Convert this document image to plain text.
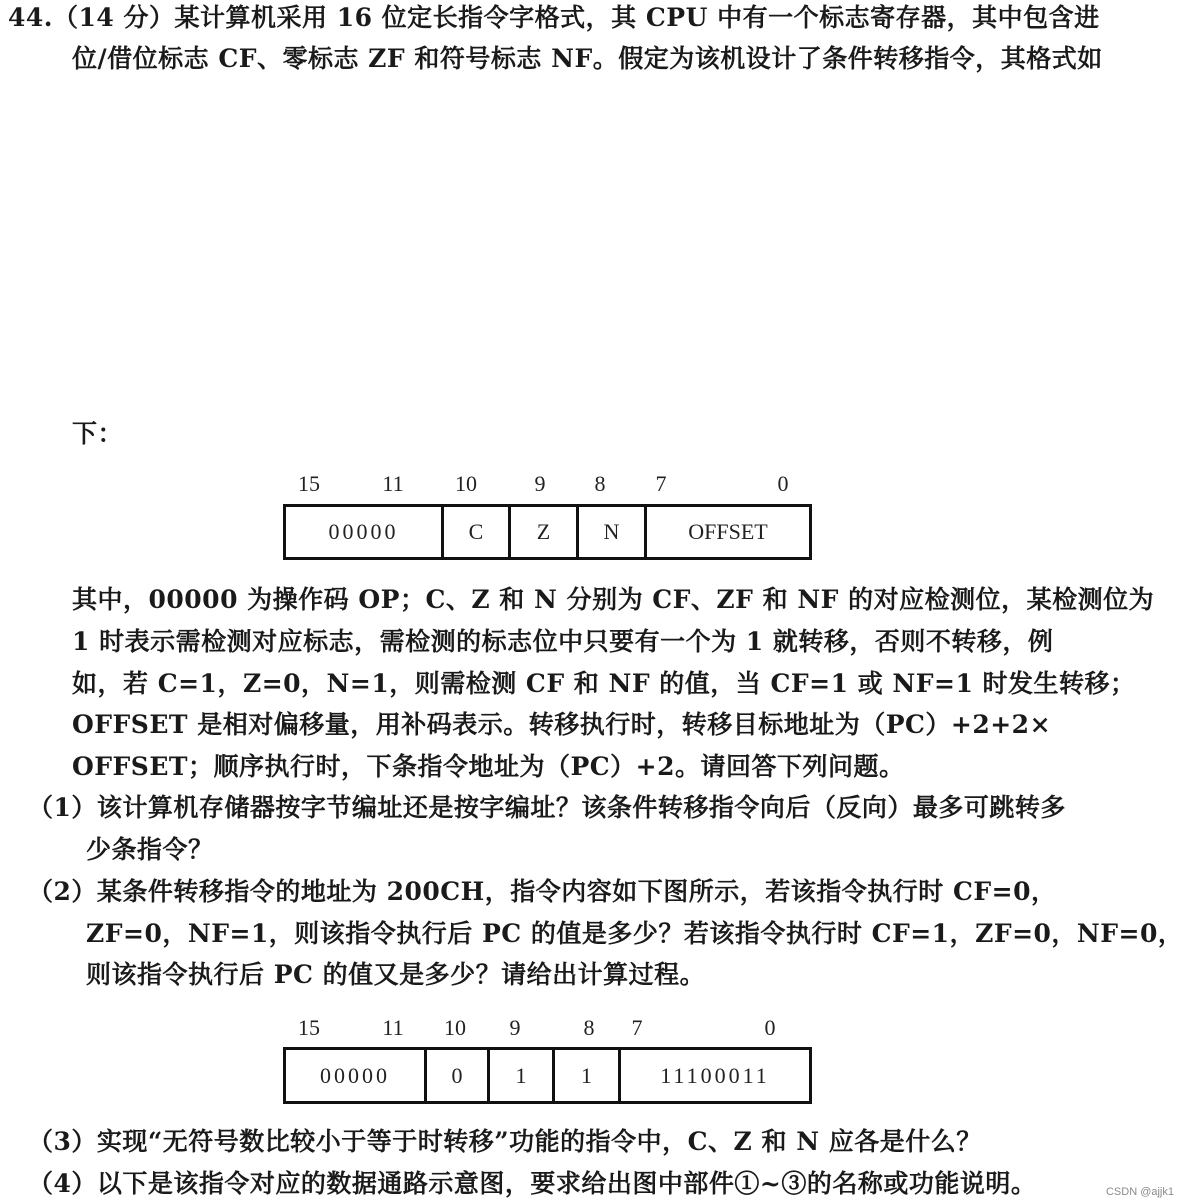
44.（14 分）某计算机采用 16 位定长指令字格式，其 CPU 中有一个标志寄存器，其中包含进
位/借位标志 CF、零标志 ZF 和符号标志 NF。假定为该机设计了条件转移指令，其格式如
下：
15	11 10	9 8 7	0
00000	C	Z	N	OFFSET
其中，00000 为操作码 OP；C、Z 和 N 分别为 CF、ZF 和 NF 的对应检测位，某检测位为
1 时表示需检测对应标志，需检测的标志位中只要有一个为 1 就转移，否则不转移，例
如，若 C=1，Z=0，N=1，则需检测 CF 和 NF 的值，当 CF=1 或 NF=1 时发生转移；
OFFSET 是相对偏移量，用补码表示。转移执行时，转移目标地址为（PC）+2+2×
OFFSET；顺序执行时，下条指令地址为（PC）+2。请回答下列问题。
（1）该计算机存储器按字节编址还是按字编址？该条件转移指令向后（反向）最多可跳转多
少条指令？
（2）某条件转移指令的地址为 200CH，指令内容如下图所示，若该指令执行时 CF=0，
ZF=0，NF=1，则该指令执行后 PC 的值是多少？若该指令执行时 CF=1，ZF=0，NF=0，
则该指令执行后 PC 的值又是多少？请给出计算过程。
15	11 10 9	8 7	0
00000	0	1	1	11100011
（3）实现“无符号数比较小于等于时转移”功能的指令中，C、Z 和 N 应各是什么？
（4）以下是该指令对应的数据通路示意图，要求给出图中部件①~③的名称或功能说明。	CSDN @ajjk1
